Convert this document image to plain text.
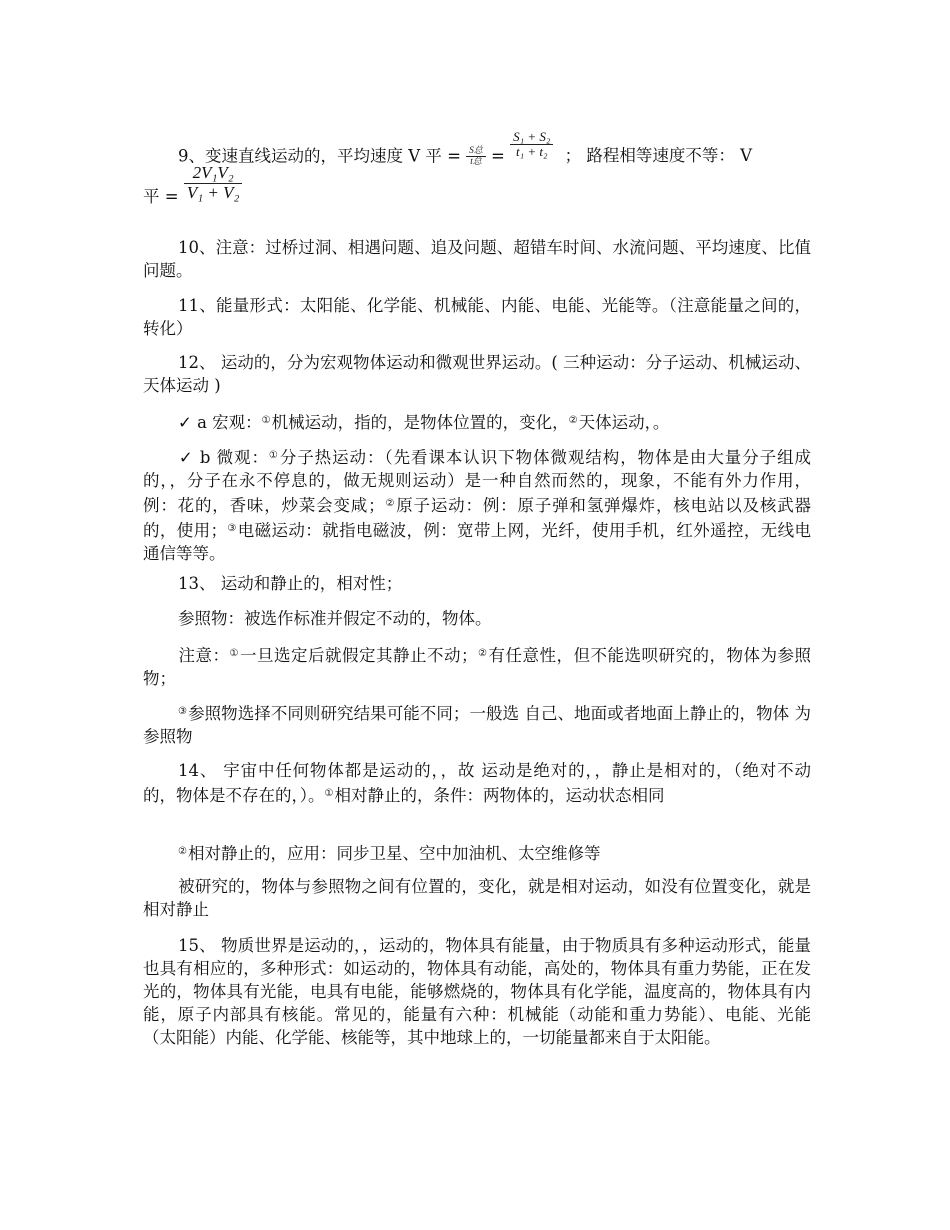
9、变速直线运动的，平均速度 V 平 = $\frac{\text{S总}}{\text{t总}} = \frac{\text{S₁ + S₂}}{\text{t₁ + t₂}}$ ； 路程相等速度不等： V
平 = $\frac{\text{2V₁V₂}}{\text{V₁ + V₂}}$

10、注意：过桥过洞、相遇问题、追及问题、超错车时间、水流问题、平均速度、比值问题。

11、能量形式：太阳能、化学能、机械能、内能、电能、光能等。（注意能量之间的，转化）

12、 运动的，分为宏观物体运动和微观世界运动。( 三种运动：分子运动、机械运动、天体运动 )

✓ a 宏观：①机械运动，指的，是物体位置的，变化，②天体运动，。

✓ b 微观：①分子热运动：（先看课本认识下物体微观结构，物体是由大量分子组成的，，分子在永不停息的，做无规则运动）是一种自然而然的，现象，不能有外力作用，例：花的，香味，炒菜会变咸；②原子运动：例：原子弹和氢弹爆炸，核电站以及核武器的，使用；③电磁运动：就指电磁波，例：宽带上网，光纤，使用手机，红外遥控，无线电通信等等。

13、 运动和静止的，相对性；

参照物：被选作标准并假定不动的，物体。

注意：①一旦选定后就假定其静止不动；②有任意性，但不能选呗研究的，物体为参照物；

③参照物选择不同则研究结果可能不同；一般选 自己、地面或者地面上静止的，物体 为参照物

14、 宇宙中任何物体都是运动的，，故 运动是绝对的，，静止是相对的，（绝对不动的，物体是不存在的，）。①相对静止的，条件：两物体的，运动状态相同

②相对静止的，应用：同步卫星、空中加油机、太空维修等

被研究的，物体与参照物之间有位置的，变化，就是相对运动，如没有位置变化，就是相对静止

15、 物质世界是运动的，，运动的，物体具有能量，由于物质具有多种运动形式，能量也具有相应的，多种形式：如运动的，物体具有动能，高处的，物体具有重力势能，正在发光的，物体具有光能，电具有电能，能够燃烧的，物体具有化学能，温度高的，物体具有内能，原子内部具有核能。常见的，能量有六种：机械能（动能和重力势能）、电能、光能（太阳能）内能、化学能、核能等，其中地球上的，一切能量都来自于太阳能。
